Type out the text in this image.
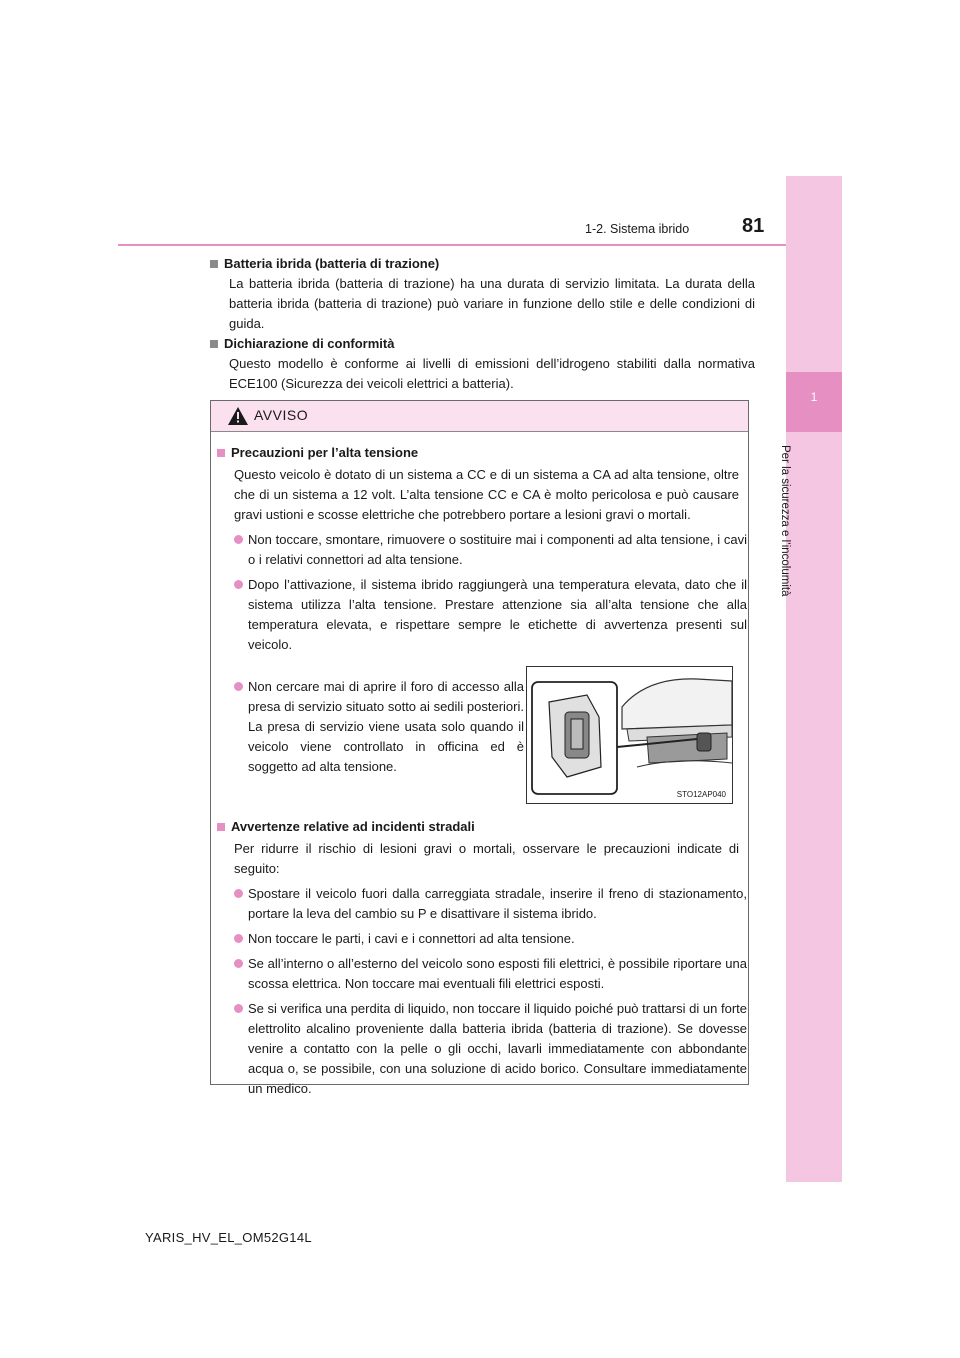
1
Per la sicurezza e l’incolumità
1-2. Sistema ibrido	81
Batteria ibrida (batteria di trazione)
La batteria ibrida (batteria di trazione) ha una durata di servizio limitata. La durata della batteria ibrida (batteria di trazione) può variare in funzione dello stile e delle condizioni di guida.
Dichiarazione di conformità
Questo modello è conforme ai livelli di emissioni dell’idrogeno stabiliti dalla normativa ECE100 (Sicurezza dei veicoli elettrici a batteria).
AVVISO
Precauzioni per l’alta tensione
Questo veicolo è dotato di un sistema a CC e di un sistema a CA ad alta tensione, oltre che di un sistema a 12 volt. L’alta tensione CC e CA è molto pericolosa e può causare gravi ustioni e scosse elettriche che potrebbero portare a lesioni gravi o mortali.
Non toccare, smontare, rimuovere o sostituire mai i componenti ad alta tensione, i cavi o i relativi connettori ad alta tensione.
Dopo l’attivazione, il sistema ibrido raggiungerà una temperatura elevata, dato che il sistema utilizza l’alta tensione. Prestare attenzione sia all’alta tensione che alla temperatura elevata, e rispettare sempre le etichette di avvertenza presenti sul veicolo.
Non cercare mai di aprire il foro di accesso alla presa di servizio situato sotto ai sedili posteriori. La presa di servizio viene usata solo quando il veicolo viene controllato in officina ed è soggetto ad alta tensione.
STO12AP040
Avvertenze relative ad incidenti stradali
Per ridurre il rischio di lesioni gravi o mortali, osservare le precauzioni indicate di seguito:
Spostare il veicolo fuori dalla carreggiata stradale, inserire il freno di stazionamento, portare la leva del cambio su P e disattivare il sistema ibrido.
Non toccare le parti, i cavi e i connettori ad alta tensione.
Se all’interno o all’esterno del veicolo sono esposti fili elettrici, è possibile riportare una scossa elettrica. Non toccare mai eventuali fili elettrici esposti.
Se si verifica una perdita di liquido, non toccare il liquido poiché può trattarsi di un forte elettrolito alcalino proveniente dalla batteria ibrida (batteria di trazione). Se dovesse venire a contatto con la pelle o gli occhi, lavarli immediatamente con abbondante acqua o, se possibile, con una soluzione di acido borico. Consultare immediatamente un medico.
YARIS_HV_EL_OM52G14L
